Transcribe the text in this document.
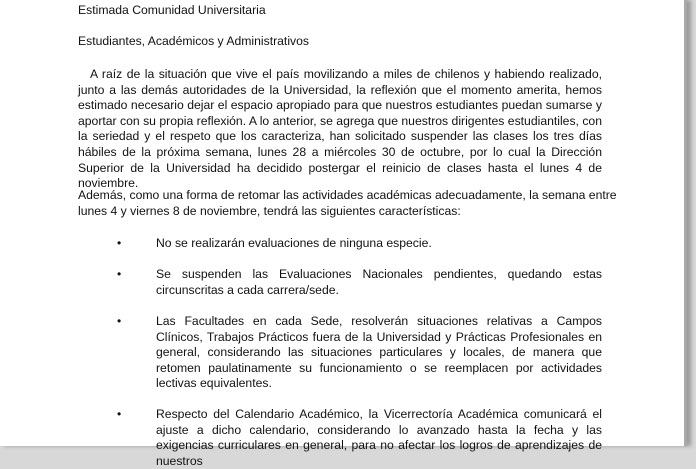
Estimada Comunidad Universitaria
Estudiantes, Académicos y Administrativos
A raíz de la situación que vive el país movilizando a miles de chilenos y habiendo realizado, junto a las demás autoridades de la Universidad, la reflexión que el momento amerita, hemos estimado necesario dejar el espacio apropiado para que nuestros estudiantes puedan sumarse y aportar con su propia reflexión. A lo anterior, se agrega que nuestros dirigentes estudiantiles, con la seriedad y el respeto que los caracteriza, han solicitado suspender las clases los tres días hábiles de la próxima semana, lunes 28 a miércoles 30 de octubre, por lo cual la Dirección Superior de la Universidad ha decidido postergar el reinicio de clases hasta el lunes 4 de noviembre.
Además, como una forma de retomar las actividades académicas adecuadamente, la semana entre
lunes 4 y viernes 8 de noviembre, tendrá las siguientes características:
•	No se realizarán evaluaciones de ninguna especie.
•	Se suspenden las Evaluaciones Nacionales pendientes, quedando estas circunscritas a cada carrera/sede.
•	Las Facultades en cada Sede, resolverán situaciones relativas a Campos Clínicos, Trabajos Prácticos fuera de la Universidad y Prácticas Profesionales en general, considerando las situaciones particulares y locales, de manera que retomen paulatinamente su funcionamiento o se reemplacen por actividades lectivas equivalentes.
•	Respecto del Calendario Académico, la Vicerrectoría Académica comunicará el ajuste a dicho calendario, considerando lo avanzado hasta la fecha y las exigencias curriculares en general, para no afectar los logros de aprendizajes de nuestros
